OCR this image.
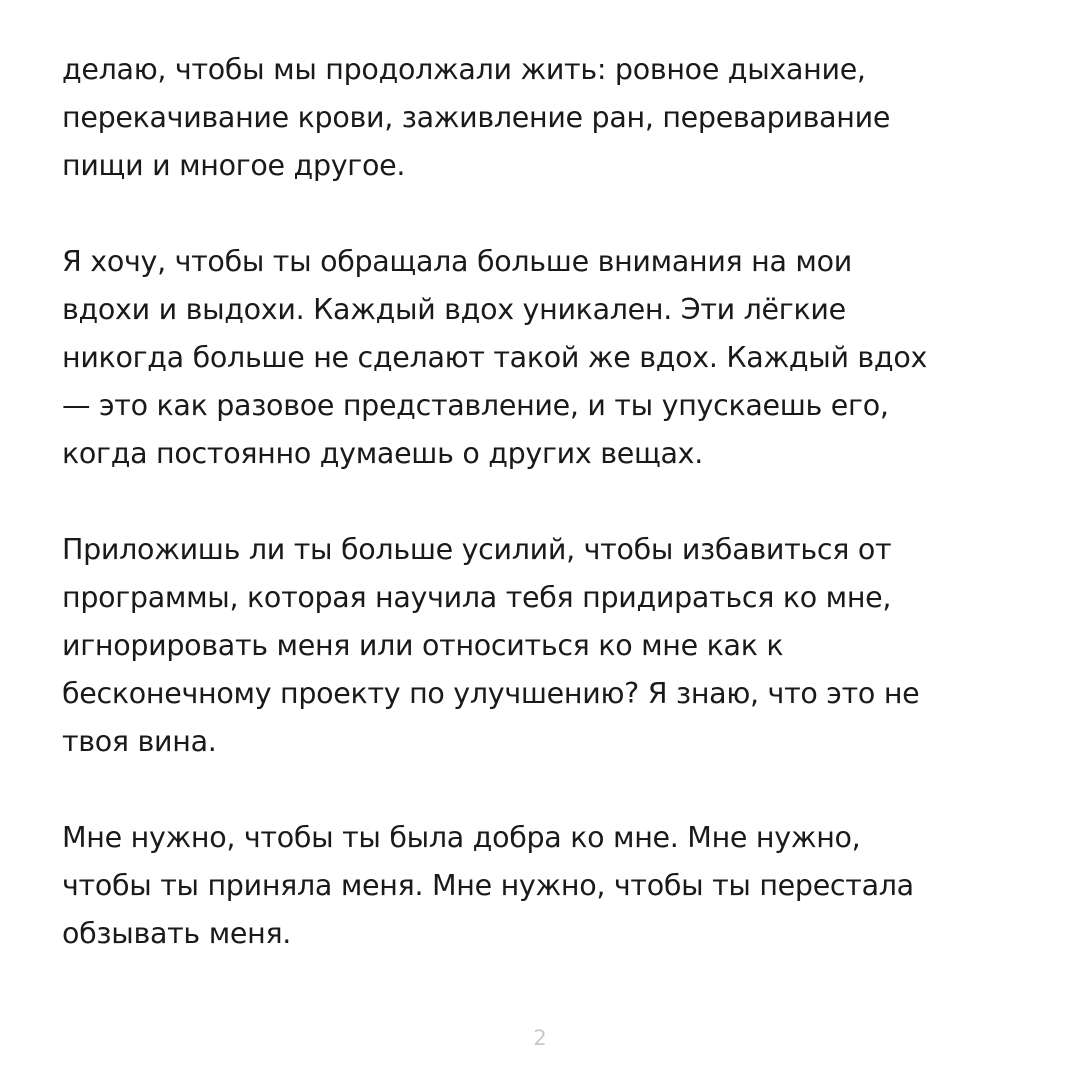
делаю, чтобы мы продолжали жить: ровное дыхание,
перекачивание крови, заживление ран, переваривание
пищи и многое другое.

Я хочу, чтобы ты обращала больше внимания на мои
вдохи и выдохи. Каждый вдох уникален. Эти лёгкие
никогда больше не сделают такой же вдох. Каждый вдох
— это как разовое представление, и ты упускаешь его,
когда постоянно думаешь о других вещах.

Приложишь ли ты больше усилий, чтобы избавиться от
программы, которая научила тебя придираться ко мне,
игнорировать меня или относиться ко мне как к
бесконечному проекту по улучшению? Я знаю, что это не
твоя вина.

Мне нужно, чтобы ты была добра ко мне. Мне нужно,
чтобы ты приняла меня. Мне нужно, чтобы ты перестала
обзывать меня.

2
